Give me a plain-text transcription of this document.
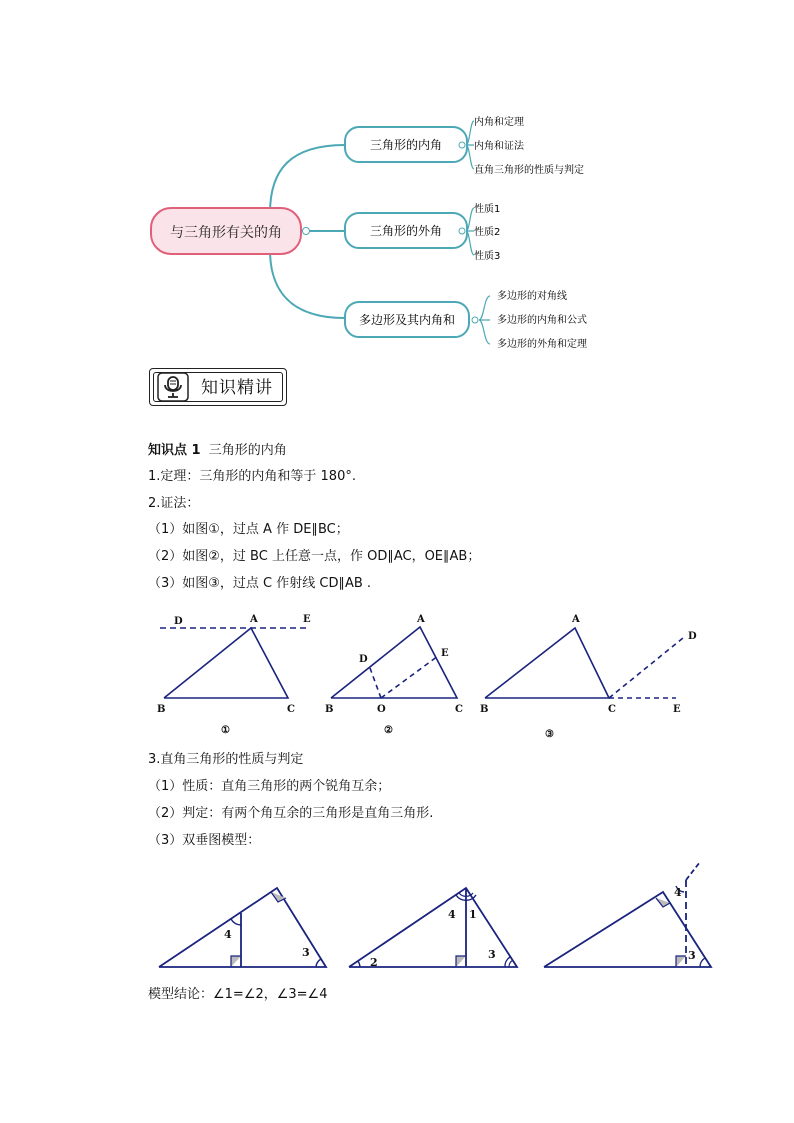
与三角形有关的角
三角形的内角
三角形的外角
多边形及其内角和
内角和定理
内角和证法
直角三角形的性质与判定
性质1
性质2
性质3
多边形的对角线
多边形的内角和公式
多边形的外角和定理
知识精讲
知识点 1 三角形的内角
1.定理：三角形的内角和等于 180°.
2.证法：
（1）如图①，过点 A 作 DE∥BC；
（2）如图②，过 BC 上任意一点，作 OD∥AC，OE∥AB；
（3）如图③，过点 C 作射线 CD∥AB .
D	A	E
B	C
①
A
D
E
B	O	C
②
A
D
B	C	E
③
3.直角三角形的性质与判定
（1）性质：直角三角形的两个锐角互余；
（2）判定：有两个角互余的三角形是直角三角形.
（3）双垂图模型：
4
3
4 1
2
3
4
3
模型结论：∠1=∠2，∠3=∠4
